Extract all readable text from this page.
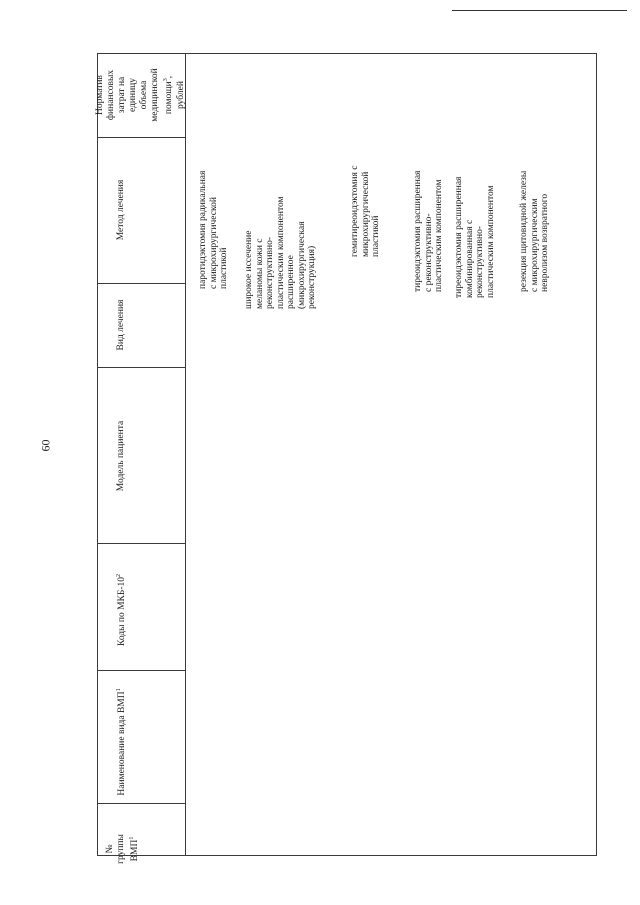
60
№ группы ВМП$^1$
Наименование вида ВМП$^1$
Коды по МКБ-$10^2$
Модель пациента
Вид лечения
Метод лечения
Норматив финансовых затрат на единицу объема медицинской помощи$^3$,
рублей
паротидэктомия радикальная с микрохирургической пластикой широкое иссечение меланомы кожи с реконструктивно- пластическим компонентом расширенное (микрохирургическая реконструкция)
гемитиреоидэктомия с микрохирургической пластикой	тиреоидэктомия расширенная с реконструктивно- пластическим компонентом тиреоидэктомия расширенная комбинированная с реконструктивно- пластическим компонентом резекция щитовидной железы с микрохирургическим невролизом возвратного
